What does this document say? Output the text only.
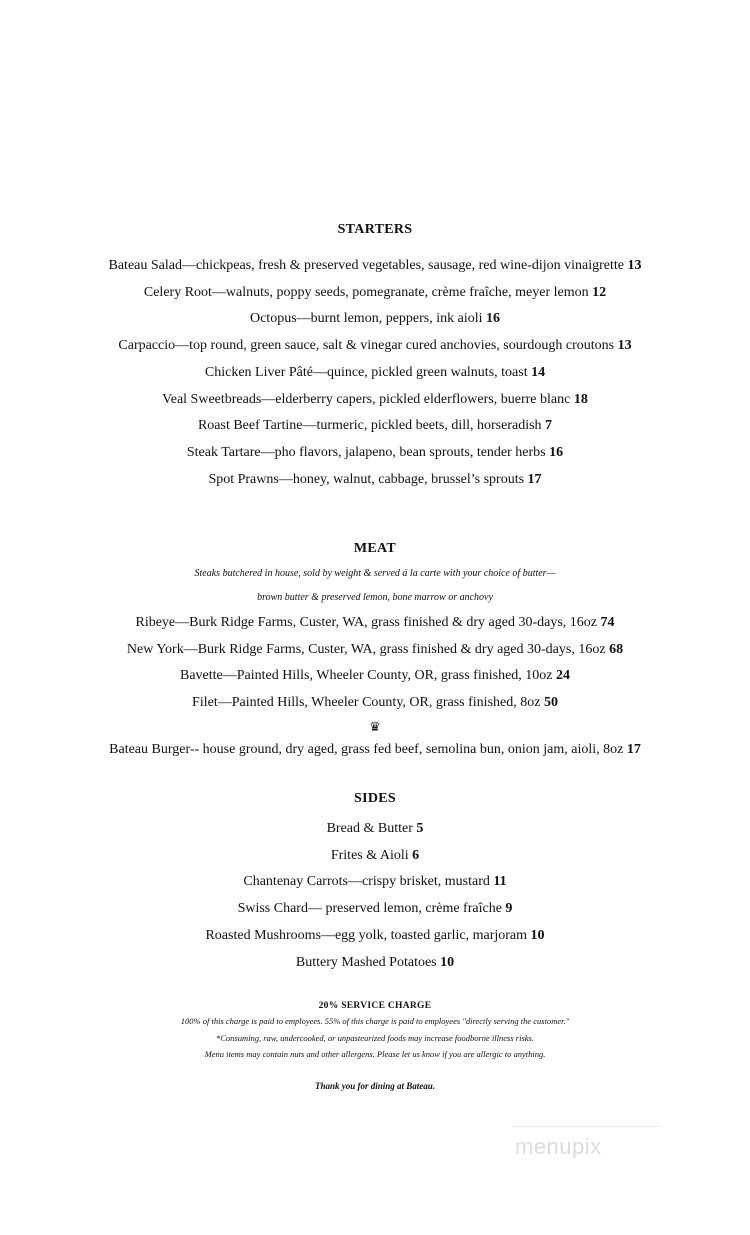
STARTERS
Bateau Salad—chickpeas, fresh & preserved vegetables, sausage, red wine-dijon vinaigrette 13
Celery Root—walnuts, poppy seeds, pomegranate, crème fraîche, meyer lemon 12
Octopus—burnt lemon, peppers, ink aioli 16
Carpaccio—top round, green sauce, salt & vinegar cured anchovies, sourdough croutons 13
Chicken Liver Pâté—quince, pickled green walnuts, toast 14
Veal Sweetbreads—elderberry capers, pickled elderflowers, buerre blanc 18
Roast Beef Tartine—turmeric, pickled beets, dill, horseradish 7
Steak Tartare—pho flavors, jalapeno, bean sprouts, tender herbs 16
Spot Prawns—honey, walnut, cabbage, brussel’s sprouts 17
MEAT
Steaks butchered in house, sold by weight & served á la carte with your choice of butter—
brown butter & preserved lemon, bone marrow or anchovy
Ribeye—Burk Ridge Farms, Custer, WA, grass finished & dry aged 30-days, 16oz 74
New York—Burk Ridge Farms, Custer, WA, grass finished & dry aged 30-days, 16oz 68
Bavette—Painted Hills, Wheeler County, OR, grass finished, 10oz 24
Filet—Painted Hills, Wheeler County, OR, grass finished, 8oz 50
♛
Bateau Burger-- house ground, dry aged, grass fed beef, semolina bun, onion jam, aioli, 8oz 17
SIDES
Bread & Butter 5
Frites & Aioli 6
Chantenay Carrots—crispy brisket, mustard 11
Swiss Chard— preserved lemon, crème fraîche 9
Roasted Mushrooms—egg yolk, toasted garlic, marjoram 10
Buttery Mashed Potatoes 10
20% SERVICE CHARGE
100% of this charge is paid to employees. 55% of this charge is paid to employees "directly serving the customer."
*Consuming, raw, undercooked, or unpasteurized foods may increase foodborne illness risks.
Menu items may contain nuts and other allergens. Please let us know if you are allergic to anything.
Thank you for dining at Bateau.
menupix
